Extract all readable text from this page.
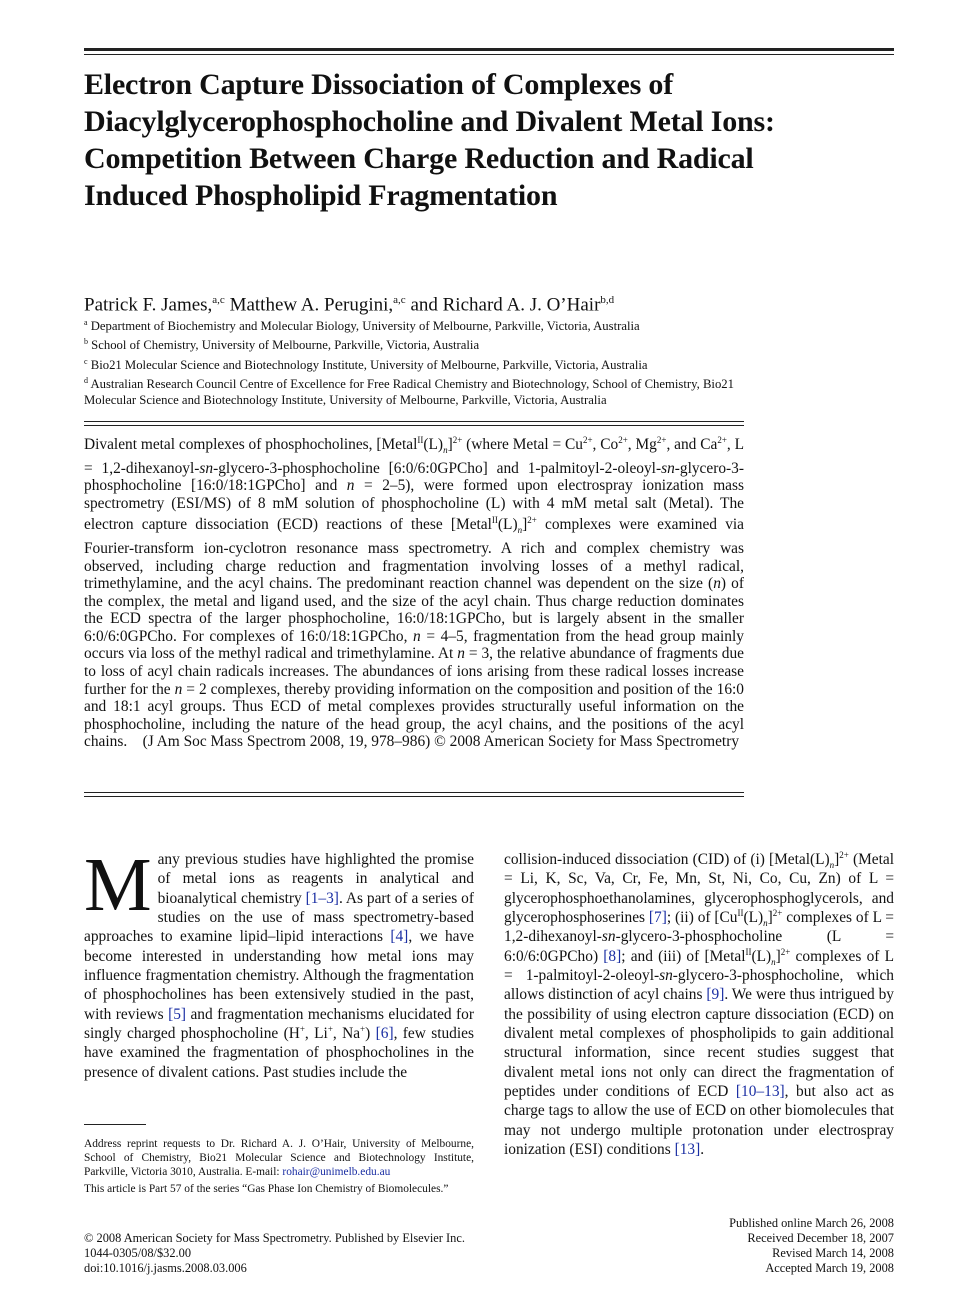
Electron Capture Dissociation of Complexes of Diacylglycerophosphocholine and Divalent Metal Ions: Competition Between Charge Reduction and Radical Induced Phospholipid Fragmentation
Patrick F. James,$^{a,c}$ Matthew A. Perugini,$^{a,c}$ and Richard A. J. O’Hair$^{b,d}$
$^a$ Department of Biochemistry and Molecular Biology, University of Melbourne, Parkville, Victoria, Australia
$^b$ School of Chemistry, University of Melbourne, Parkville, Victoria, Australia
$^c$ Bio21 Molecular Science and Biotechnology Institute, University of Melbourne, Parkville, Victoria, Australia
$^d$ Australian Research Council Centre of Excellence for Free Radical Chemistry and Biotechnology, School of Chemistry, Bio21 Molecular Science and Biotechnology Institute, University of Melbourne, Parkville, Victoria, Australia
Divalent metal complexes of phosphocholines, $[Metal^{II}(L)_n]^{2+}$ (where Metal = $Cu^{2+}$, $Co^{2+}$, $Mg^{2+}$, and $Ca^{2+}$, L = 1,2-dihexanoyl-sn-glycero-3-phosphocholine [6:0/6:0GPCho] and 1-palmitoyl-2-oleoyl-sn-glycero-3-phosphocholine [16:0/18:1GPCho] and n = 2–5), were formed upon electrospray ionization mass spectrometry (ESI/MS) of 8 mM solution of phosphocholine (L) with 4 mM metal salt (Metal). The electron capture dissociation (ECD) reactions of these $[Metal^{II}(L)_n]^{2+}$ complexes were examined via Fourier-transform ion-cyclotron resonance mass spectrometry. A rich and complex chemistry was observed, including charge reduction and fragmentation involving losses of a methyl radical, trimethylamine, and the acyl chains. The predominant reaction channel was dependent on the size (n) of the complex, the metal and ligand used, and the size of the acyl chain. Thus charge reduction dominates the ECD spectra of the larger phosphocholine, 16:0/18:1GPCho, but is largely absent in the smaller 6:0/6:0GPCho. For complexes of 16:0/18:1GPCho, n = 4–5, fragmentation from the head group mainly occurs via loss of the methyl radical and trimethylamine. At n = 3, the relative abundance of fragments due to loss of acyl chain radicals increases. The abundances of ions arising from these radical losses increase further for the n = 2 complexes, thereby providing information on the composition and position of the 16:0 and 18:1 acyl groups. Thus ECD of metal complexes provides structurally useful information on the phosphocholine, including the nature of the head group, the acyl chains, and the positions of the acyl chains. (J Am Soc Mass Spectrom 2008, 19, 978–986) © 2008 American Society for Mass Spectrometry
Many previous studies have highlighted the promise of metal ions as reagents in analytical and bioanalytical chemistry [1–3]. As part of a series of studies on the use of mass spectrometry-based approaches to examine lipid–lipid interactions [4], we have become interested in understanding how metal ions may influence fragmentation chemistry. Although the fragmentation of phosphocholines has been extensively studied in the past, with reviews [5] and fragmentation mechanisms elucidated for singly charged phosphocholine (H+, Li+, Na+) [6], few studies have examined the fragmentation of phosphocholines in the presence of divalent cations. Past studies include the

Address reprint requests to Dr. Richard A. J. O’Hair, University of Melbourne, School of Chemistry, Bio21 Molecular Science and Biotechnology Institute, Parkville, Victoria 3010, Australia. E-mail: rohair@unimelb.edu.au

This article is Part 57 of the series “Gas Phase Ion Chemistry of Biomolecules.”

collision-induced dissociation (CID) of (i) $[Metal(L)_n]^{2+}$ (Metal = Li, K, Sc, Va, Cr, Fe, Mn, St, Ni, Co, Cu, Zn) of L = glycerophosphoethanolamines, glycerophosphoglycerols, and glycerophosphoserines [7]; (ii) of $[Cu^{II}(L)_n]^{2+}$ complexes of L = 1,2-dihexanoyl-sn-glycero-3-phosphocholine (L = 6:0/6:0GPCho) [8]; and (iii) of $[Metal^{II}(L)_n]^{2+}$ complexes of L = 1-palmitoyl-2-oleoyl-sn-glycero-3-phosphocholine, which allows distinction of acyl chains [9]. We were thus intrigued by the possibility of using electron capture dissociation (ECD) on divalent metal complexes of phospholipids to gain additional structural information, since recent studies suggest that divalent metal ions not only can direct the fragmentation of peptides under conditions of ECD [10–13], but also act as charge tags to allow the use of ECD on other biomolecules that may not undergo multiple protonation under electrospray ionization (ESI) conditions [13].
© 2008 American Society for Mass Spectrometry. Published by Elsevier Inc.
1044-0305/08/$32.00
doi:10.1016/j.jasms.2008.03.006
Published online March 26, 2008
Received December 18, 2007
Revised March 14, 2008
Accepted March 19, 2008
